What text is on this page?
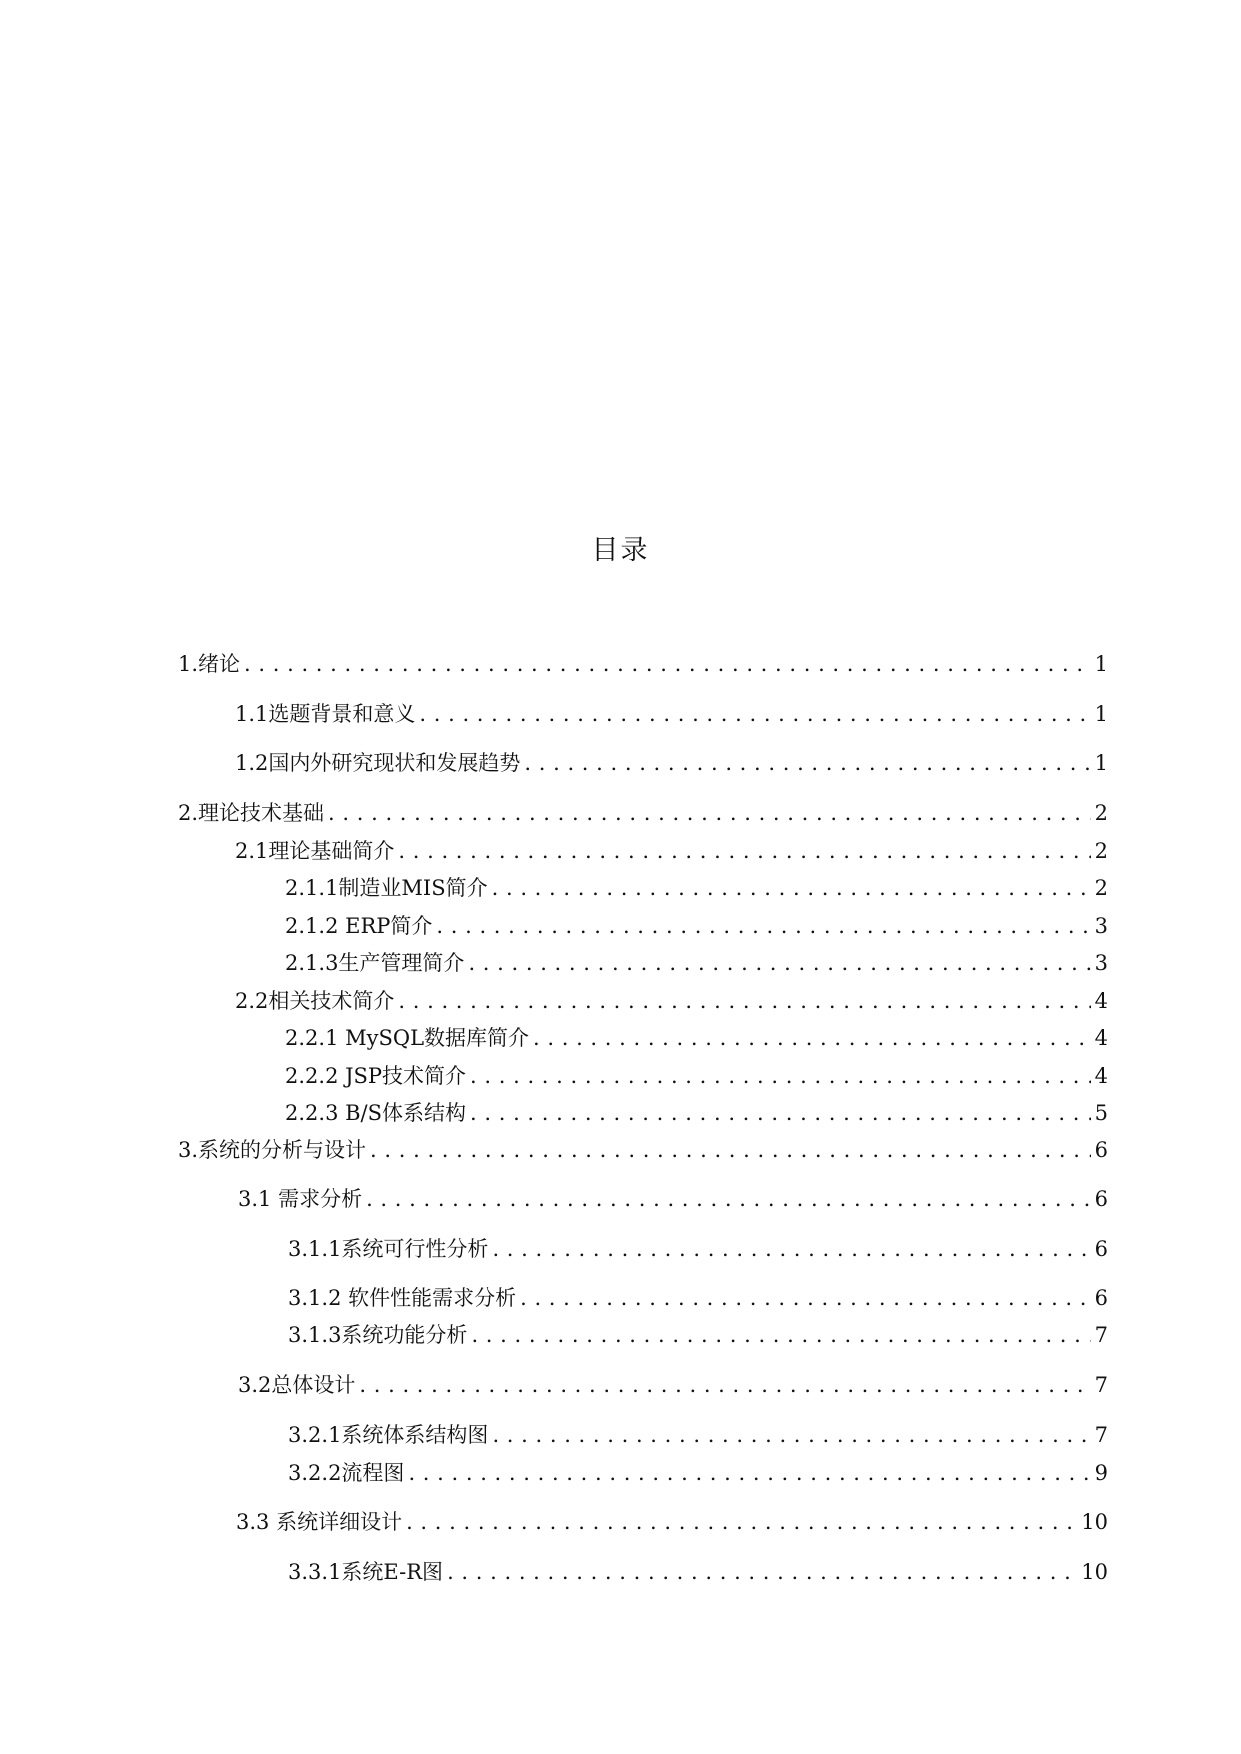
目录
1.绪论 . . .	1
1.1选题背景和意义 . . .	1
1.2国内外研究现状和发展趋势 . . .	1
2.理论技术基础 . . .	2
2.1理论基础简介 . . .	2
2.1.1制造业MIS简介 . . .	2
2.1.2 ERP简介 . . .	3
2.1.3生产管理简介 . . .	3
2.2相关技术简介 . . .	4
2.2.1 MySQL数据库简介 . . .	4
2.2.2 JSP技术简介 . . .	4
2.2.3 B/S体系结构 . . .	5
3.系统的分析与设计 . . .	6
3.1 需求分析 . . .	6
3.1.1系统可行性分析 . . .	6
3.1.2 软件性能需求分析 . . .	6
3.1.3系统功能分析 . . .	7
3.2总体设计 . . .	7
3.2.1系统体系结构图 . . .	7
3.2.2流程图 . . .	9
3.3 系统详细设计 . . .	10
3.3.1系统E-R图 . . .	10
